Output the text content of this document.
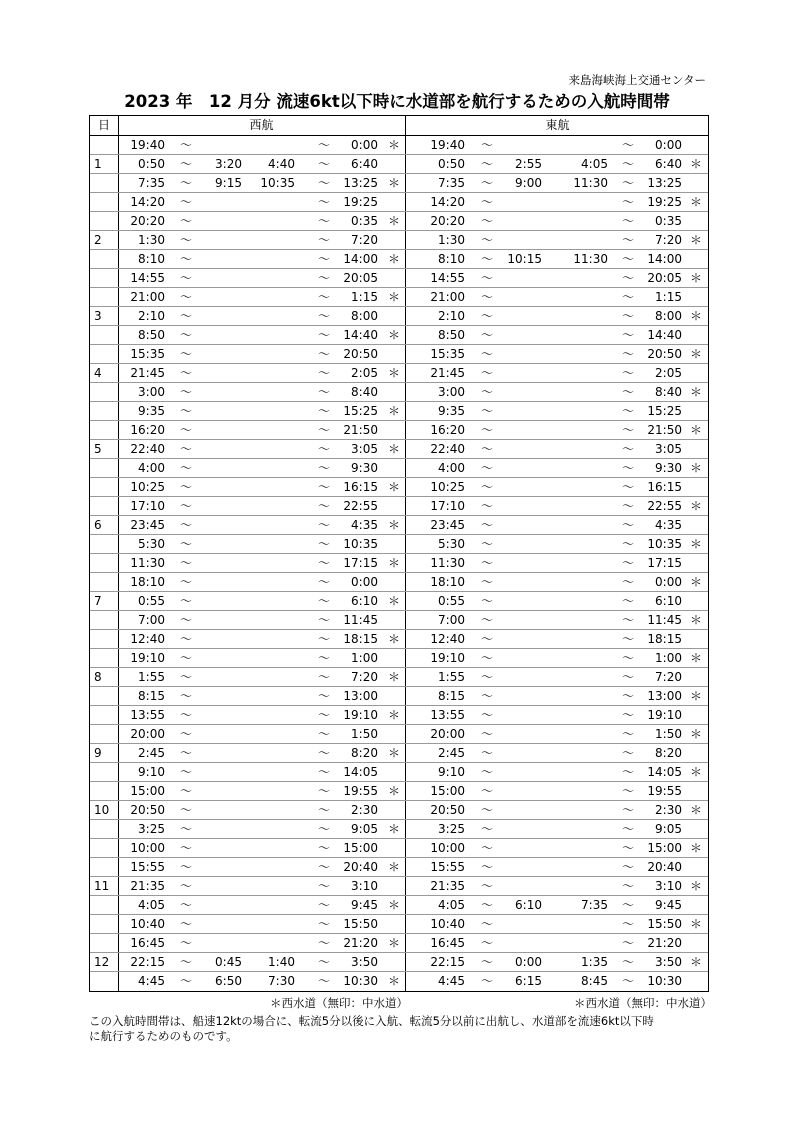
来島海峡海上交通センター
2023 年　12 月分 流速6kt以下時に水道部を航行するための入航時間帯
日	西航	東航
19:40 ～	～	0:00 ＊	19:40 ～	～	0:00
1	0:50 ～	3:20	4:40 ～	6:40	0:50 ～	2:55	4:05 ～	6:40 ＊
7:35 ～	9:15	10:35 ～	13:25 ＊	7:35 ～	9:00	11:30 ～	13:25
14:20 ～	～	19:25	14:20 ～	～	19:25 ＊
20:20 ～	～	0:35 ＊	20:20 ～	～	0:35
2	1:30 ～	～	7:20	1:30 ～	～	7:20 ＊
8:10 ～	～	14:00 ＊	8:10 ～	10:15	11:30 ～	14:00
14:55 ～	～	20:05	14:55 ～	～	20:05 ＊
21:00 ～	～	1:15 ＊	21:00 ～	～	1:15
3	2:10 ～	～	8:00	2:10 ～	～	8:00 ＊
8:50 ～	～	14:40 ＊	8:50 ～	～	14:40
15:35 ～	～	20:50	15:35 ～	～	20:50 ＊
4	21:45 ～	～	2:05 ＊	21:45 ～	～	2:05
3:00 ～	～	8:40	3:00 ～	～	8:40 ＊
9:35 ～	～	15:25 ＊	9:35 ～	～	15:25
16:20 ～	～	21:50	16:20 ～	～	21:50 ＊
5	22:40 ～	～	3:05 ＊	22:40 ～	～	3:05
4:00 ～	～	9:30	4:00 ～	～	9:30 ＊
10:25 ～	～	16:15 ＊	10:25 ～	～	16:15
17:10 ～	～	22:55	17:10 ～	～	22:55 ＊
6	23:45 ～	～	4:35 ＊	23:45 ～	～	4:35
5:30 ～	～	10:35	5:30 ～	～	10:35 ＊
11:30 ～	～	17:15 ＊	11:30 ～	～	17:15
18:10 ～	～	0:00	18:10 ～	～	0:00 ＊
7	0:55 ～	～	6:10 ＊	0:55 ～	～	6:10
7:00 ～	～	11:45	7:00 ～	～	11:45 ＊
12:40 ～	～	18:15 ＊	12:40 ～	～	18:15
19:10 ～	～	1:00	19:10 ～	～	1:00 ＊
8	1:55 ～	～	7:20 ＊	1:55 ～	～	7:20
8:15 ～	～	13:00	8:15 ～	～	13:00 ＊
13:55 ～	～	19:10 ＊	13:55 ～	～	19:10
20:00 ～	～	1:50	20:00 ～	～	1:50 ＊
9	2:45 ～	～	8:20 ＊	2:45 ～	～	8:20
9:10 ～	～	14:05	9:10 ～	～	14:05 ＊
15:00 ～	～	19:55 ＊	15:00 ～	～	19:55
10	20:50 ～	～	2:30	20:50 ～	～	2:30 ＊
3:25 ～	～	9:05 ＊	3:25 ～	～	9:05
10:00 ～	～	15:00	10:00 ～	～	15:00 ＊
15:55 ～	～	20:40 ＊	15:55 ～	～	20:40
11	21:35 ～	～	3:10	21:35 ～	～	3:10 ＊
4:05 ～	～	9:45 ＊	4:05 ～	6:10	7:35 ～	9:45
10:40 ～	～	15:50	10:40 ～	～	15:50 ＊
16:45 ～	～	21:20 ＊	16:45 ～	～	21:20
12	22:15 ～	0:45	1:40 ～	3:50	22:15 ～	0:00	1:35 ～	3:50 ＊
4:45 ～	6:50	7:30 ～	10:30 ＊	4:45 ～	6:15	8:45 ～	10:30
＊西水道（無印：中水道）	＊西水道（無印：中水道）
この入航時間帯は、船速12ktの場合に、転流5分以後に入航、転流5分以前に出航し、水道部を流速6kt以下時
に航行するためのものです。
